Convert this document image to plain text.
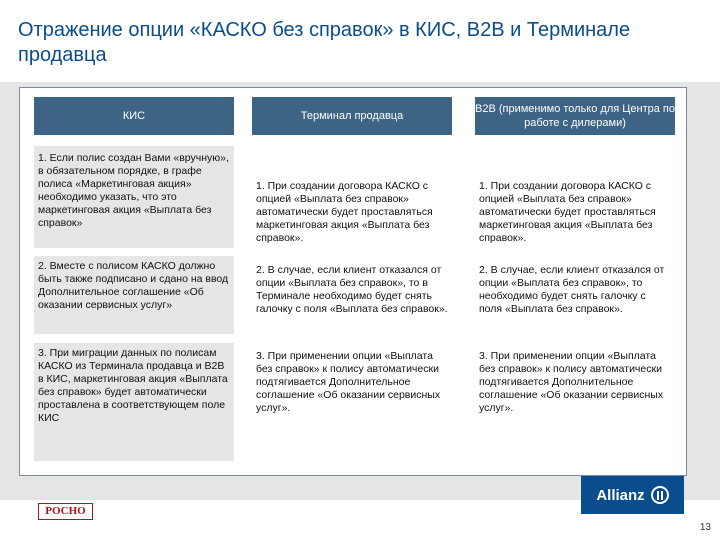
Отражение опции «КАСКО без справок» в КИС, B2B и Терминале продавца
КИС
1. Если полис создан Вами «вручную», в обязательном порядке, в графе полиса «Маркетинговая акция» необходимо указать, что это маркетинговая акция «Выплата без справок»
2. Вместе с полисом КАСКО должно быть также подписано и сдано на ввод Дополнительное соглашение «Об оказании сервисных услуг»
3. При миграции данных по полисам КАСКО из Терминала продавца и B2B в КИС, маркетинговая акция «Выплата без справок» будет автоматически проставлена в соответствующем поле КИС
Терминал продавца
1. При создании договора КАСКО с опцией «Выплата без справок» автоматически будет проставляться маркетинговая акция «Выплата без справок».
2. В случае, если клиент отказался от опции «Выплата без справок», то в Терминале необходимо будет снять галочку с поля «Выплата без справок».
3. При применении опции «Выплата без справок» к полису автоматически подтягивается Дополнительное соглашение «Об оказании сервисных услуг».
B2B (применимо только для Центра по работе с дилерами)
1. При создании договора КАСКО с опцией «Выплата без справок» автоматически будет проставляться маркетинговая акция «Выплата без справок».
2. В случае, если клиент отказался от опции «Выплата без справок», то необходимо будет снять галочку с поля «Выплата без справок».
3. При применении опции «Выплата без справок» к полису автоматически подтягивается Дополнительное соглашение «Об оказании сервисных услуг».
РОСНО
Allianz
13
